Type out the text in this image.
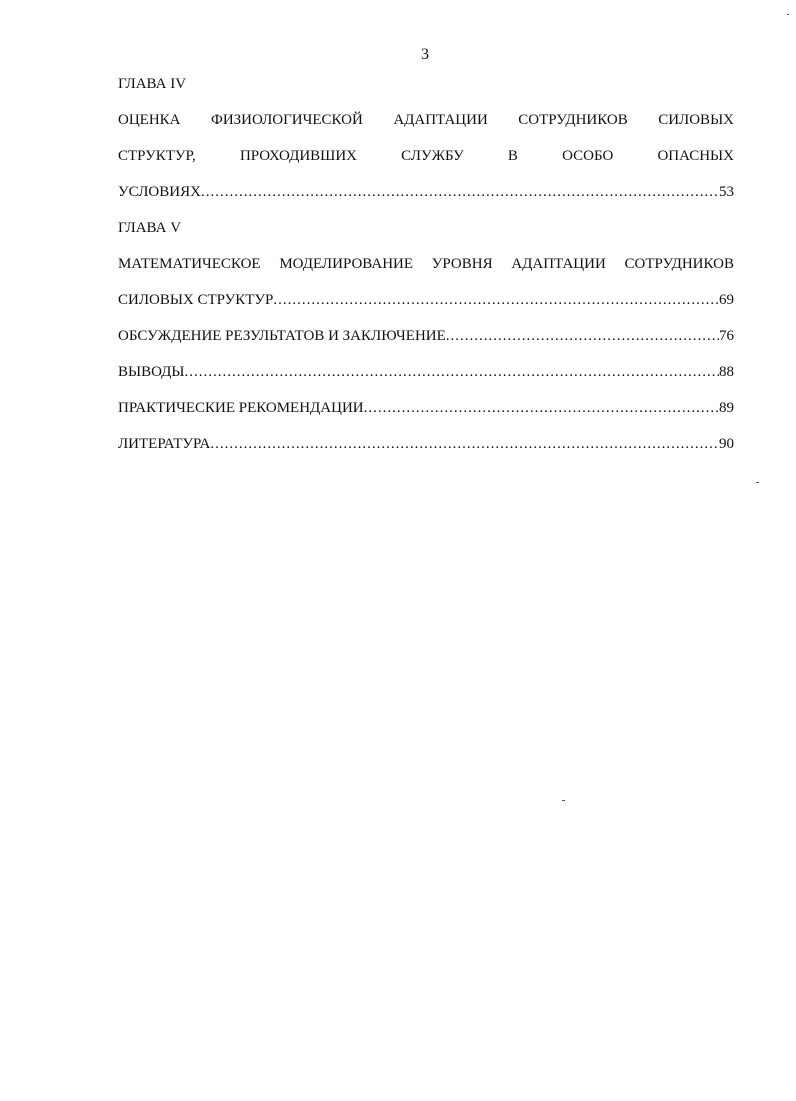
3
ГЛАВА IV
ОЦЕНКА ФИЗИОЛОГИЧЕСКОЙ АДАПТАЦИИ СОТРУДНИКОВ СИЛОВЫХ
СТРУКТУР,	ПРОХОДИВШИХ	СЛУЖБУ	В	ОСОБО	ОПАСНЫХ
УСЛОВИЯХ .....	53
ГЛАВА V
МАТЕМАТИЧЕСКОЕ МОДЕЛИРОВАНИЕ УРОВНЯ АДАПТАЦИИ СОТРУДНИКОВ
СИЛОВЫХ СТРУКТУР .....	69
ОБСУЖДЕНИЕ РЕЗУЛЬТАТОВ И ЗАКЛЮЧЕНИЕ .....	76
ВЫВОДЫ .....	88
ПРАКТИЧЕСКИЕ РЕКОМЕНДАЦИИ .....	89
ЛИТЕРАТУРА .....	90
